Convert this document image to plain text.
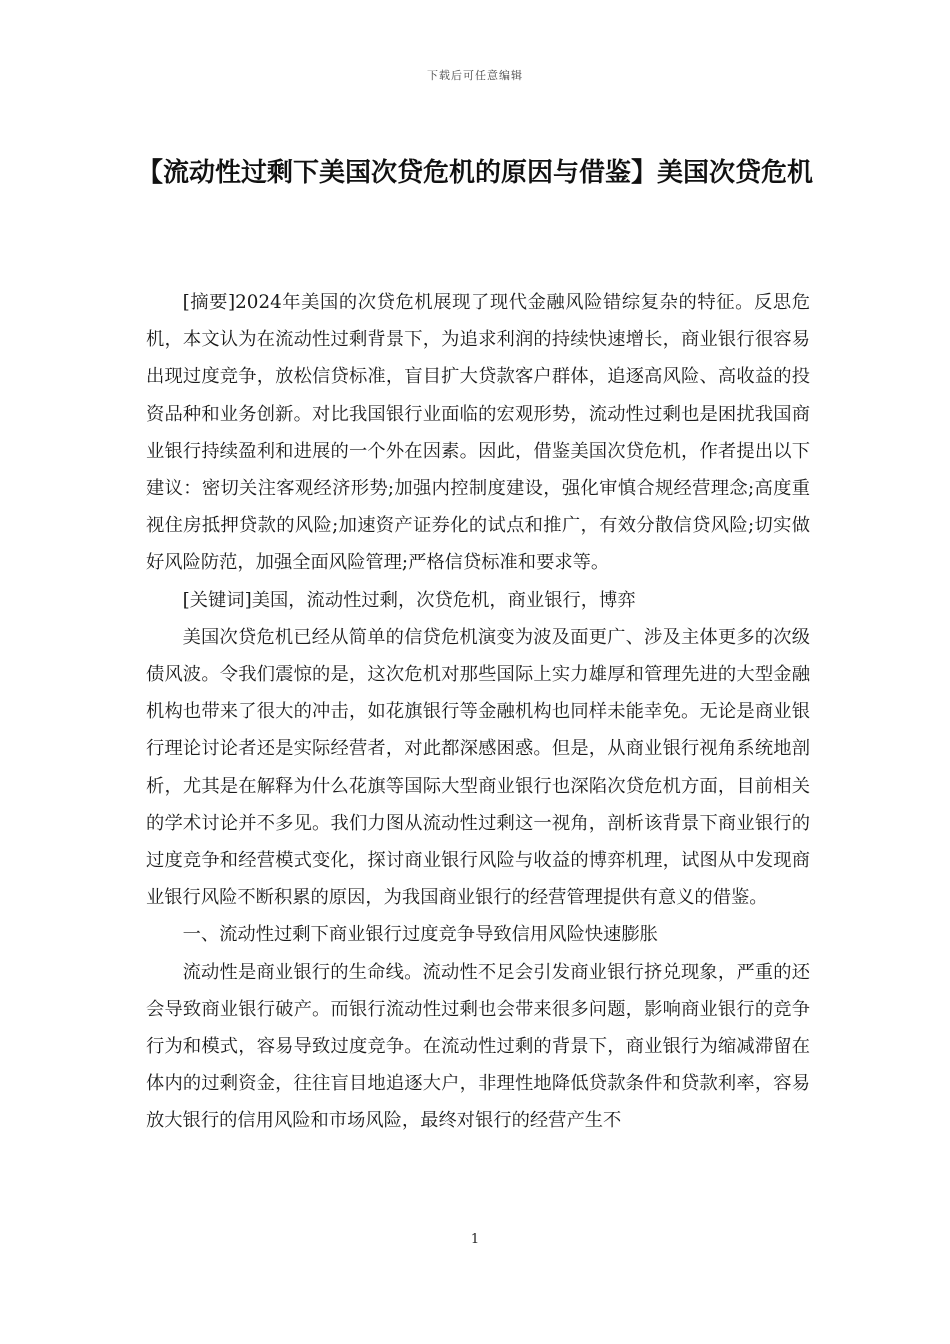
下载后可任意编辑
【流动性过剩下美国次贷危机的原因与借鉴】美国次贷危机

[摘要]2024年美国的次贷危机展现了现代金融风险错综复杂的特征。反思危机，本文认为在流动性过剩背景下，为追求利润的持续快速增长，商业银行很容易出现过度竞争，放松信贷标准，盲目扩大贷款客户群体，追逐高风险、高收益的投资品种和业务创新。对比我国银行业面临的宏观形势，流动性过剩也是困扰我国商业银行持续盈利和进展的一个外在因素。因此，借鉴美国次贷危机，作者提出以下建议：密切关注客观经济形势;加强内控制度建设，强化审慎合规经营理念;高度重视住房抵押贷款的风险;加速资产证券化的试点和推广，有效分散信贷风险;切实做好风险防范，加强全面风险管理;严格信贷标准和要求等。

[关键词]美国，流动性过剩，次贷危机，商业银行，博弈

美国次贷危机已经从简单的信贷危机演变为波及面更广、涉及主体更多的次级债风波。令我们震惊的是，这次危机对那些国际上实力雄厚和管理先进的大型金融机构也带来了很大的冲击，如花旗银行等金融机构也同样未能幸免。无论是商业银行理论讨论者还是实际经营者，对此都深感困惑。但是，从商业银行视角系统地剖析，尤其是在解释为什么花旗等国际大型商业银行也深陷次贷危机方面，目前相关的学术讨论并不多见。我们力图从流动性过剩这一视角，剖析该背景下商业银行的过度竞争和经营模式变化，探讨商业银行风险与收益的博弈机理，试图从中发现商业银行风险不断积累的原因，为我国商业银行的经营管理提供有意义的借鉴。

一、流动性过剩下商业银行过度竞争导致信用风险快速膨胀

流动性是商业银行的生命线。流动性不足会引发商业银行挤兑现象，严重的还会导致商业银行破产。而银行流动性过剩也会带来很多问题，影响商业银行的竞争行为和模式，容易导致过度竞争。在流动性过剩的背景下，商业银行为缩减滞留在体内的过剩资金，往往盲目地追逐大户，非理性地降低贷款条件和贷款利率，容易放大银行的信用风险和市场风险，最终对银行的经营产生不

1
